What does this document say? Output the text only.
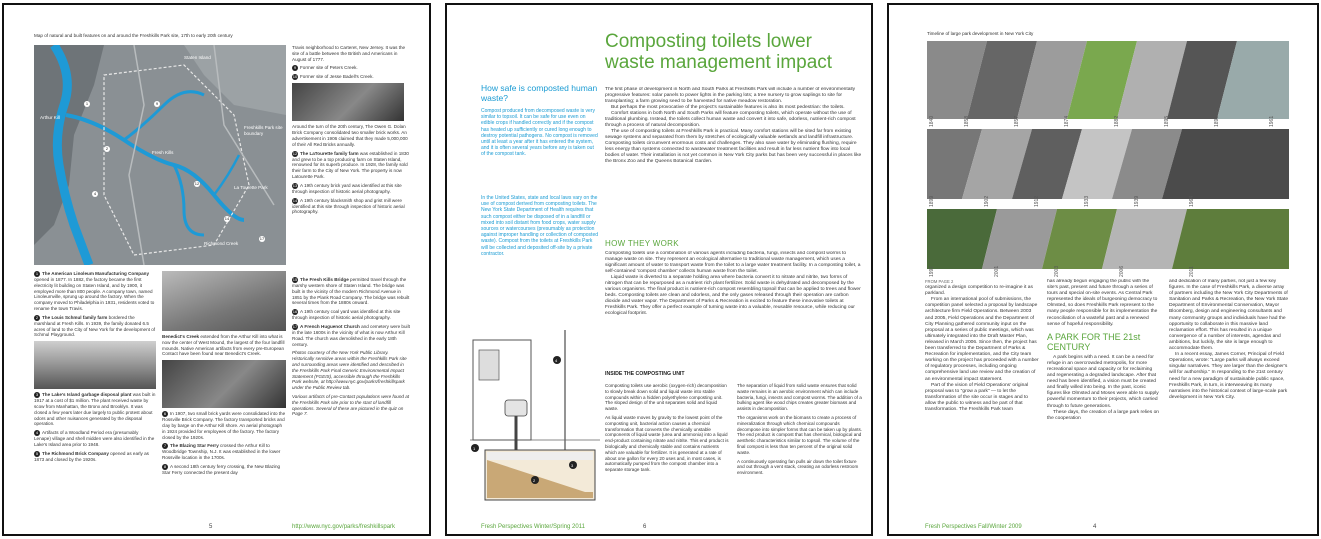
Map of natural and built features on and around the Freshkills Park site, 17th to early 20th century
Staten Island
Arthur Kill
Fresh Kills
La Tourette Park
Richmond Creek
Freshkills Park site boundary
1
2
4
9
12
14
17

Travis neighborhood to Carteret, New Jersey. It was the site of a battle between the British and Americans in August of 1777.

9 Former site of Peters Creek.

10 Former site of Jesse Badell's Creek.

Around the turn of the 20th century, The Owen G. Dolan Brick Company consolidated two smaller brick works. An advertisement in 1906 claimed that they made 5,000,000 of their All Red Bricks annually.

12 The LaTourette family farm was established in 1830 and grew to be a top producing farm on Staten Island, renowned for its superb produce. In 1928, the family sold their farm to the City of New York. The property is now Latourette Park.

13 A 19th century brick yard was identified at this site through inspection of historic aerial photography.

14 A 19th century blacksmith shop and grist mill were identified at this site through inspection of historic aerial photography.

15 The Fresh Kills Bridge permitted travel through the marshy western shore of Staten Island. The bridge was built in the vicinity of the modern Richmond Avenue in 1851 by the Plank Road Company. The bridge was rebuilt several times from the 1880s onward.

16 A 19th century coal yard was identified at this site through inspection of historic aerial photography.

17 A French Huguenot Church and cemetery were built in the late 1600s in the vicinity of what is now Arthur Kill Road. The church was demolished in the early 18th century.

Photos courtesy of the New York Public Library. Historically sensitive areas within the Freshkills Park site and surrounding areas were identified and described in the Freshkills Park Final Generic Environmental Impact Statement (FGEIS), accessible through the Freshkills Park website, at http://www.nyc.gov/parks/freshkillspark under the Public Review tab.

Various artifacts of pre-Contact populations were found at the Freshkills Park site prior to the start of landfill operations. Several of these are pictured in the quiz on Page 7.

1 The American Linoleum Manufacturing Company opened in 1877. In 1882, the factory became the first electricity lit building on Staten Island, and by 1900, it employed more than 800 people. A company town, named Linoleumville, sprung up around the factory. When the company moved to Philadelphia in 1931, residents voted to rename the town Travis.

2 The Louis Schmul family farm bordered the marshland at Fresh Kills. In 1939, the family donated 6.5 acres of land to the City of New York for the development of Schmul Playground.

3 The Lake's Island garbage disposal plant was built in 1917 at a cost of $1 million. The plant received waste by scow from Manhattan, the Bronx and Brooklyn. It was closed a few years later due largely to public protest about odors and other nuisances generated by the disposal operation.

4 Artifacts of a Woodland Period era (presumably Lenape) village and shell midden were also identified in the Lake's Island area prior to 1948.

5 The Richmond Brick Company opened as early as 1873 and closed by the 1920s.

Benedict's Creek extended from the Arthur Kill into what is now the center of West Mound, the largest of the four landfill mounds. Native American artifacts from every pre-European Contact have been found near Benedict's Creek.

6 In 1907, two small brick yards were consolidated into the Rossville Brick Company. The factory transported bricks and clay by barge on the Arthur Kill shore. An aerial photograph in 1924 provided for employees of the factory. The factory closed by the 1920s.

7 The Blazing Star Ferry crossed the Arthur Kill to Woodbridge Township, N.J. It was established in the lower Rossville location in the 1700s.

8 A second 18th century ferry crossing, the New Blazing Star Ferry connected the present day

5	http://www.nyc.gov/parks/freshkillspark
Composting toilets lower waste management impact
How safe is composted human waste?
Compost produced from decomposed waste is very similar to topsoil. It can be safe for use even on edible crops if handled correctly and if the compost has heated up sufficiently or cured long enough to destroy potential pathogens. No compost is removed until at least a year after it has entered the system, and it is often several years before any is taken out of the compost tank.
In the United States, state and local laws vary on the use of compost derived from composting toilets. The New York State Department of Health requires that such compost either be disposed of in a landfill or mixed into soil distant from food crops, water supply sources or watercourses (presumably as protection against improper handling or collection of composted waste). Compost from the toilets at Freshkills Park will be collected and deposited off-site by a private contractor.

The first phase of development in North and South Parks at Freshkills Park will include a number of environmentally progressive features: solar panels to power lights in the parking lots; a tree nursery to grow saplings to site for transplanting; a farm growing seed to be harvested for native meadow restoration.

But perhaps the most provocative of the project's sustainable features is also its most pedestrian: the toilets.

Comfort stations in both North and South Parks will feature composting toilets, which operate without the use of traditional plumbing. Instead, the toilets collect human waste and convert it into safe, odorless, nutrient-rich compost through a process of natural decomposition.

The use of composting toilets at Freshkills Park is practical. Many comfort stations will be sited far from existing sewage systems and separated from them by stretches of ecologically valuable wetlands and landfill infrastructure. Composting toilets circumvent enormous costs and challenges. They also save water by eliminating flushing, require less energy than systems connected to wastewater treatment facilities and result in far less nutrient flow into local bodies of water. Their installation is not yet common in New York City parks but has been very successful in places like the Bronx Zoo and the Queens Botanical Garden.

HOW THEY WORK

Composting toilets use a combination of various agents including bacteria, fungi, insects and compost worms to manage waste on site. They represent an ecological alternative to traditional waste management, which uses a significant amount of water to transport waste from the toilet to a large water treatment facility. In a composting toilet, a self-contained 'compost chamber' collects human waste from the toilet.

Liquid waste is diverted to a separate holding area where bacteria convert it to nitrate and nitrite, two forms of nitrogen that can be repurposed as a nutrient rich plant fertilizer. Solid waste is dehydrated and decomposed by the various organisms. The final product is nutrient-rich compost resembling topsoil that can be applied to trees and flower beds. Composting toilets are clean and odorless, and the only gases released through their operation are carbon dioxide and water vapor. The Department of Parks & Recreation is excited to feature these innovative toilets at Freshkills Park. They offer a perfect example of turning waste into a valuable, reusable resource, while reducing our ecological footprint.

1
2
3
4
INSIDE THE COMPOSTING UNIT

Composting toilets use aerobic (oxygen-rich) decomposition to slowly break down solid and liquid waste into stable compounds within a hidden polyethylene composting unit. The sloped design of the unit separates solid and liquid waste.

As liquid waste moves by gravity to the lowest point of the composting unit, bacterial action causes a chemical transformation that converts the chemically unstable components of liquid waste (urea and ammonia) into a liquid end-product containing nitrate and nitrite. This end product is biologically and chemically stable and contains nutrients which are valuable for fertilizer. It is generated at a rate of about one gallon for every 20 uses and, in most cases, is automatically pumped from the compost chamber into a separate storage tank.

The separation of liquid from solid waste ensures that solid waste remains in an aerobic environment which can include bacteria, fungi, insects and compost worms. The addition of a bulking agent like wood chips creates greater biomass and assists in decomposition.

The organisms work on the biomass to create a process of mineralization through which chemical compounds decompose into simpler forms that can be taken up by plants. The end product is compost that has chemical, biological and aesthetic characteristics similar to topsoil. The volume of the final compost is less than ten percent of the original solid waste.

A continuously operating fan pulls air down the toilet fixture and out through a vent stack, creating an odorless restroom environment.

Fresh Perspectives Winter/Spring 2011	6
Timeline of large park development in New York City
1840	1858	1857	1874	1882	1895	1898	1961
1899	1902	1912	1933	1939	1964
1997	2001	2003	2006	2011

FROM PAGE 2

organized a design competition to re-imagine it as parkland.

From an international pool of submissions, the competition panel selected a proposal by landscape architecture firm Field Operations. Between 2003 and 2005, Field Operations and the Department of City Planning gathered community input on the proposal at a series of public meetings, which was ultimately integrated into the Draft Master Plan, released in March 2006. Since then, the project has been transferred to the Department of Parks & Recreation for implementation, and the City team working on the project has proceeded with a number of regulatory processes, including ongoing comprehensive land use review and the creation of an environmental impact statement.

Part of the vision of Field Operations' original proposal was to "grow a park" — to let the transformation of the site occur in stages and to allow the public to witness and be part of that transformation. The Freshkills Park team

has already begun engaging the public with the site's past, present and future through a series of tours and special on-site events. As Central Park represented the ideals of burgeoning democracy to Olmsted, so does Freshkills Park represent to the many people responsible for its implementation the reconciliation of a wasteful past and a renewed sense of hopeful responsibility.

A PARK FOR THE 21st CENTURY

A park begins with a need. It can be a need for refuge in an overcrowded metropolis, for more recreational space and capacity or for reclaiming and regenerating a degraded landscape. After that need has been identified, a vision must be created and finally willed into being. In the past, iconic figures like Olmsted and Moses were able to supply powerful momentum to their projects, which carried through to future generations.

These days, the creation of a large park relies on the cooperation

and dedication of many parties, not just a few key figures. In the case of Freshkills Park, a diverse array of partners including the New York City Departments of Sanitation and Parks & Recreation, the New York State Department of Environmental Conservation, Mayor Bloomberg, design and engineering consultants and many community groups and individuals have had the opportunity to collaborate in this massive land reclamation effort. This has resulted in a unique convergence of a number of interests, agendas and ambitions, but luckily, the site is large enough to accommodate them.

In a recent essay, James Corner, Principal of Field Operations, wrote: "Large parks will always exceed singular narratives. They are larger than the designer's will for authorship." In responding to the 21st century need for a new paradigm of sustainable public space, Freshkills Park, in turn, is interweaving its many narratives into the historical context of large-scale park development in New York City.

Fresh Perspectives Fall/Winter 2009	4
